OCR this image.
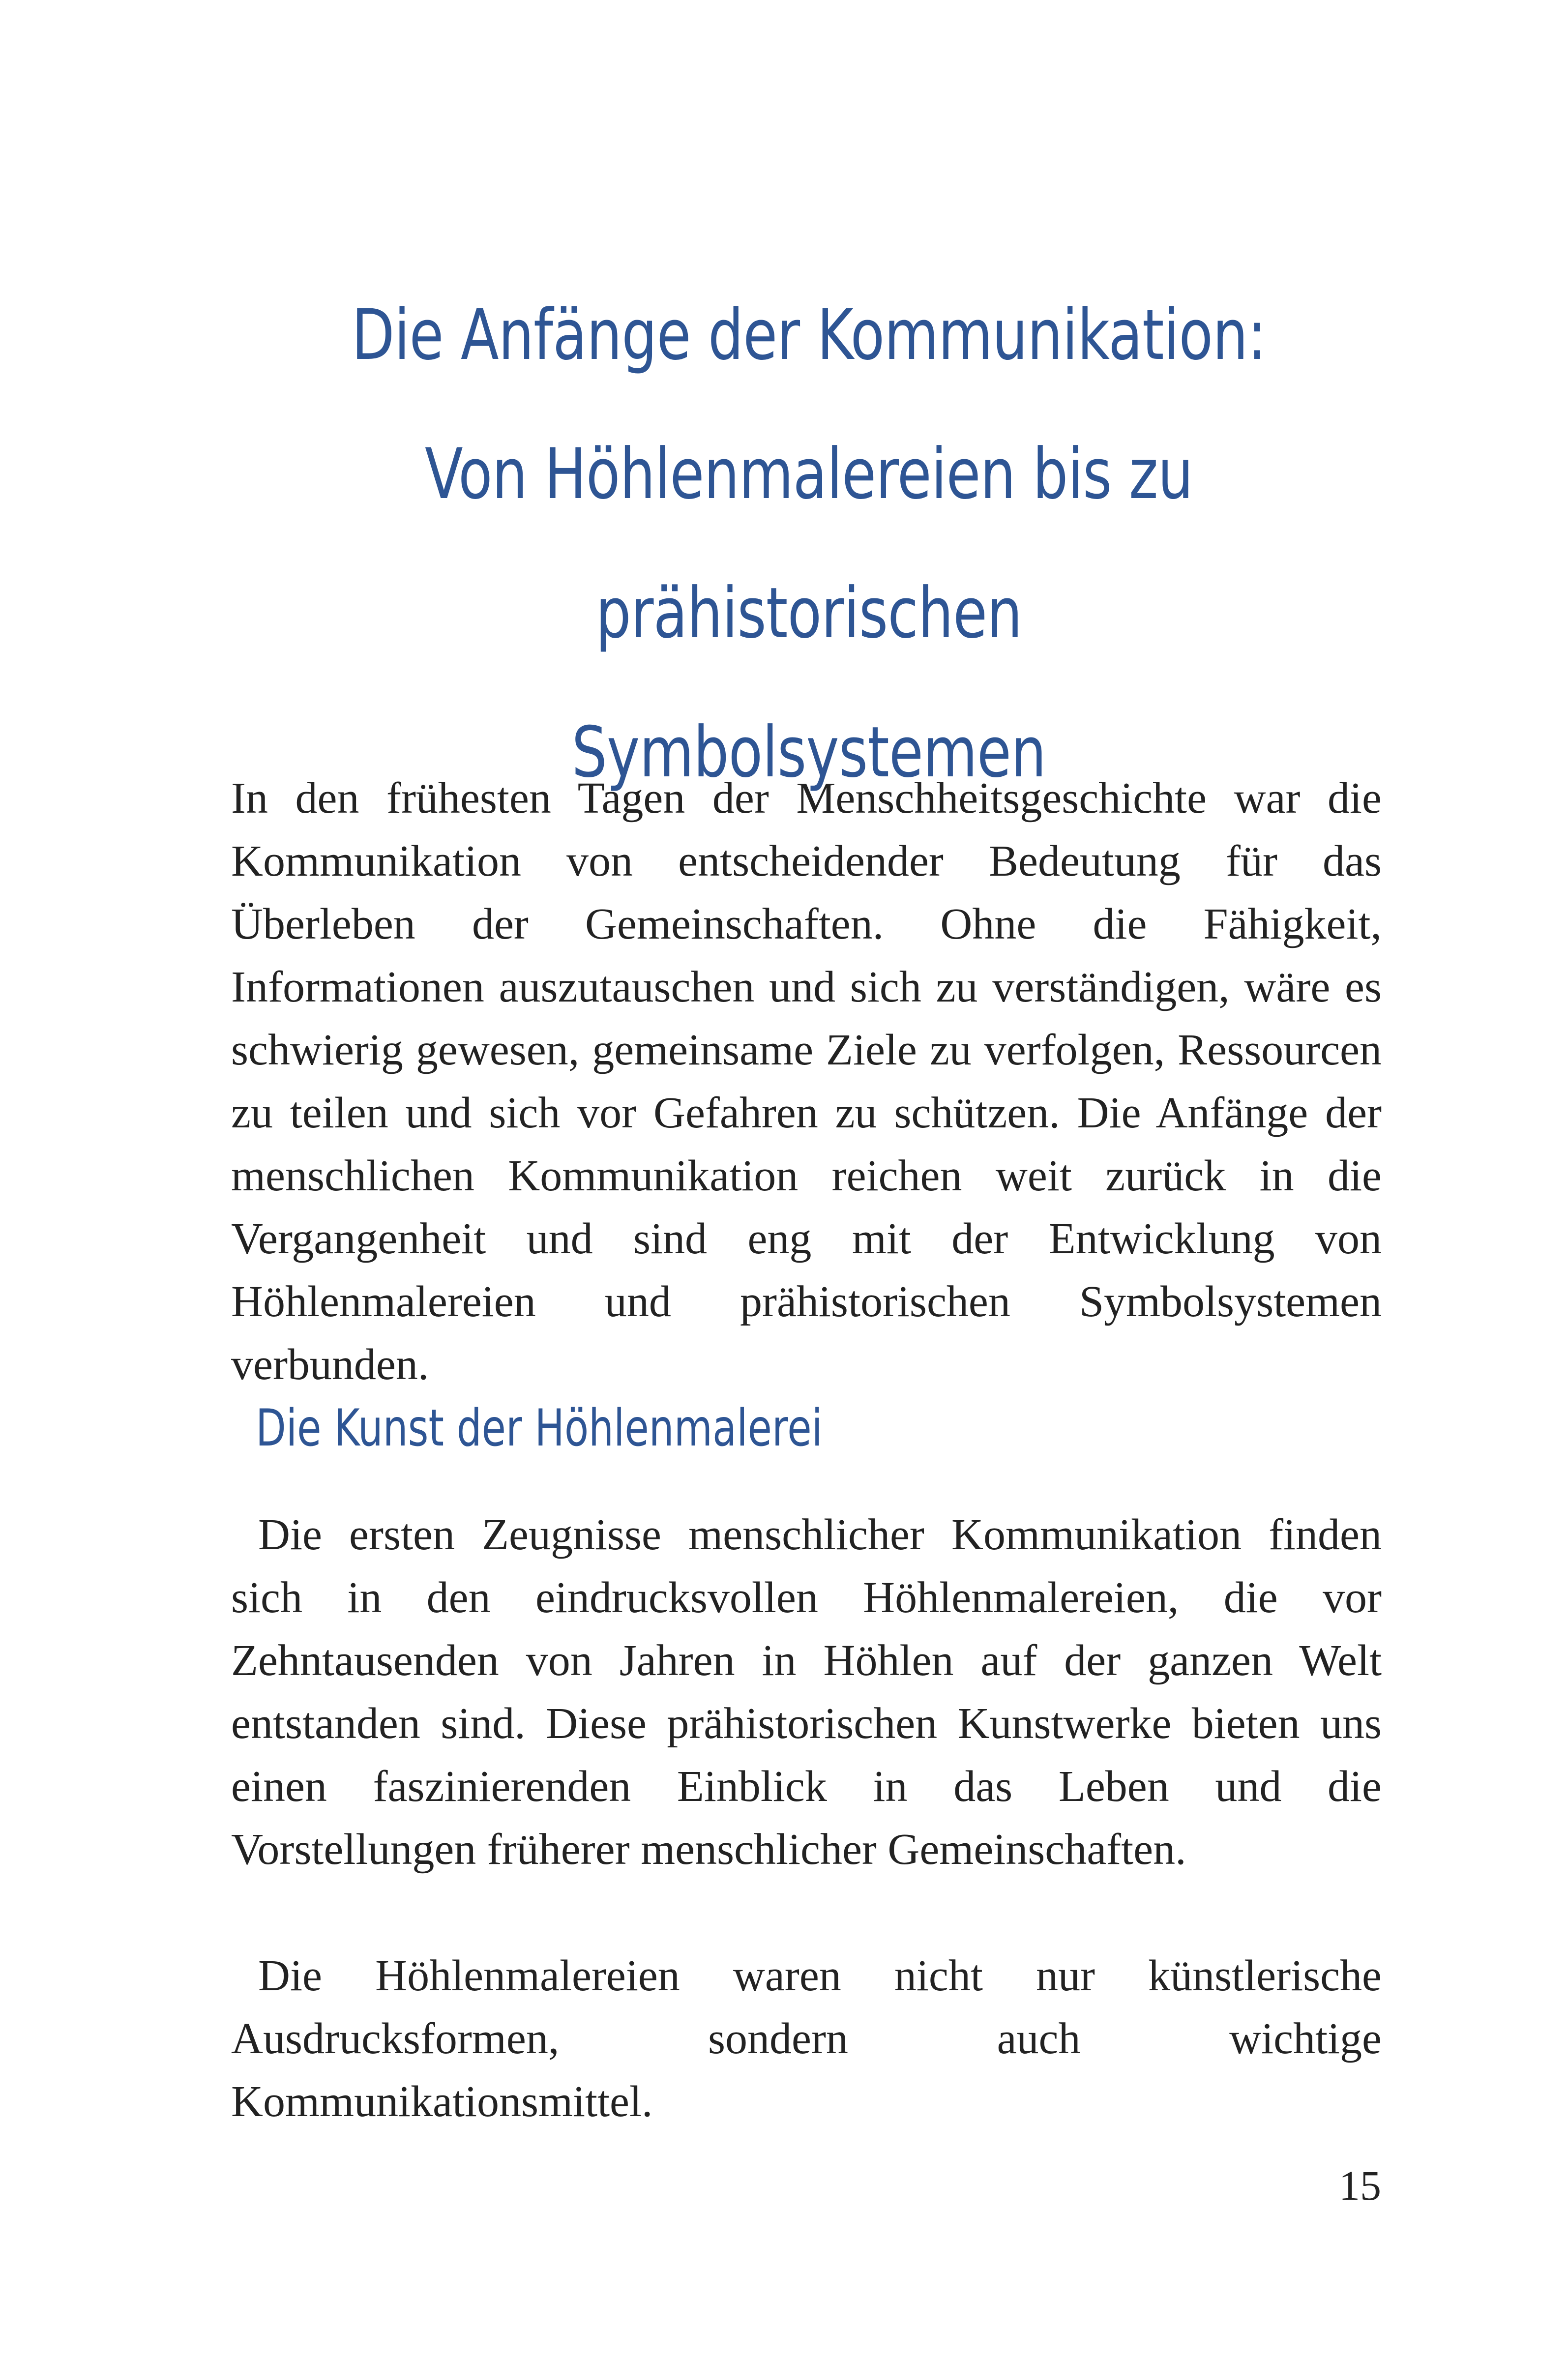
Die Anfänge der Kommunikation: Von Höhlenmalereien bis zu prähistorischen Symbolsystemen

In den frühesten Tagen der Menschheitsgeschichte war die Kommunikation von entscheidender Bedeutung für das Überleben der Gemeinschaften. Ohne die Fähigkeit, Informationen auszutauschen und sich zu verständigen, wäre es schwierig gewesen, gemeinsame Ziele zu verfolgen, Ressourcen zu teilen und sich vor Gefahren zu schützen. Die Anfänge der menschlichen Kommunikation reichen weit zurück in die Vergangenheit und sind eng mit der Entwicklung von Höhlenmalereien und prähistorischen Symbolsystemen verbunden.

Die Kunst der Höhlenmalerei

Die ersten Zeugnisse menschlicher Kommunikation finden sich in den eindrucksvollen Höhlenmalereien, die vor Zehntausenden von Jahren in Höhlen auf der ganzen Welt entstanden sind. Diese prähistorischen Kunstwerke bieten uns einen faszinierenden Einblick in das Leben und die Vorstellungen früherer menschlicher Gemeinschaften.

Die Höhlenmalereien waren nicht nur künstlerische Ausdrucksformen, sondern auch wichtige Kommunikationsmittel.

15
